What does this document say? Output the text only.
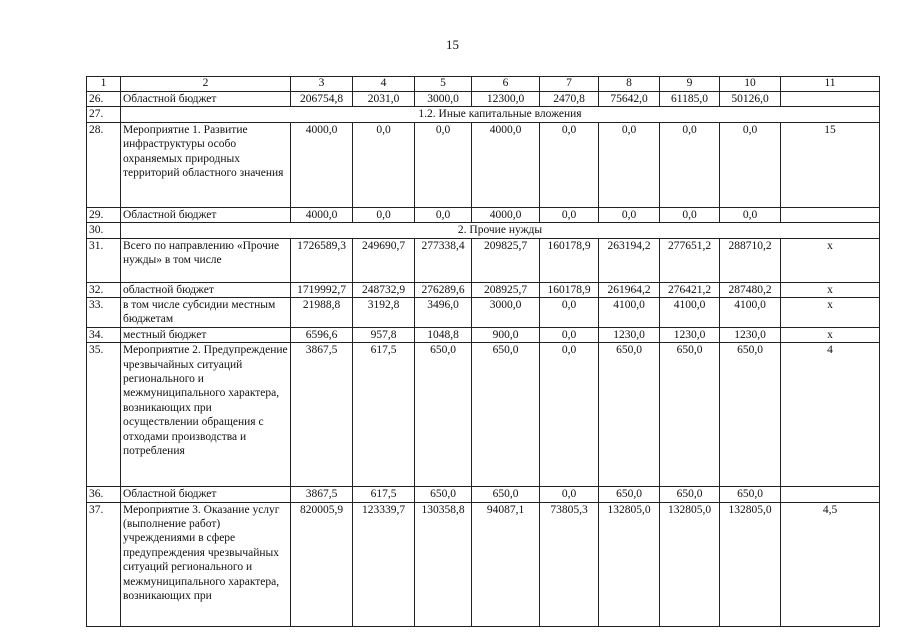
15
1	2	3	4	5	6	7	8	9	10	11
26.	Областной бюджет	206754,8	2031,0	3000,0	12300,0	2470,8	75642,0	61185,0	50126,0	
27.	1.2. Иные капитальные вложения									
28.	Мероприятие 1. Развитие инфраструктуры особо охраняемых природных территорий областного значения	4000,0	0,0	0,0	4000,0	0,0	0,0	0,0	0,0	15
29.	Областной бюджет	4000,0	0,0	0,0	4000,0	0,0	0,0	0,0	0,0	
30.	2. Прочие нужды									
31.	Всего по направлению «Прочие нужды» в том числе	1726589,3	249690,7	277338,4	209825,7	160178,9	263194,2	277651,2	288710,2	x
32.	областной бюджет	1719992,7	248732,9	276289,6	208925,7	160178,9	261964,2	276421,2	287480,2	x
33.	в том числе субсидии местным бюджетам	21988,8	3192,8	3496,0	3000,0	0,0	4100,0	4100,0	4100,0	x
34.	местный бюджет	6596,6	957,8	1048,8	900,0	0,0	1230,0	1230,0	1230,0	x
35.	Мероприятие 2. Предупреждение чрезвычайных ситуаций регионального и межмуниципального характера, возникающих при осуществлении обращения с отходами производства и потребления	3867,5	617,5	650,0	650,0	0,0	650,0	650,0	650,0	4
36.	Областной бюджет	3867,5	617,5	650,0	650,0	0,0	650,0	650,0	650,0	
37.	Мероприятие 3. Оказание услуг (выполнение работ) учреждениями в сфере предупреждения чрезвычайных ситуаций регионального и межмуниципального характера, возникающих при	820005,9	123339,7	130358,8	94087,1	73805,3	132805,0	132805,0	132805,0	4,5
